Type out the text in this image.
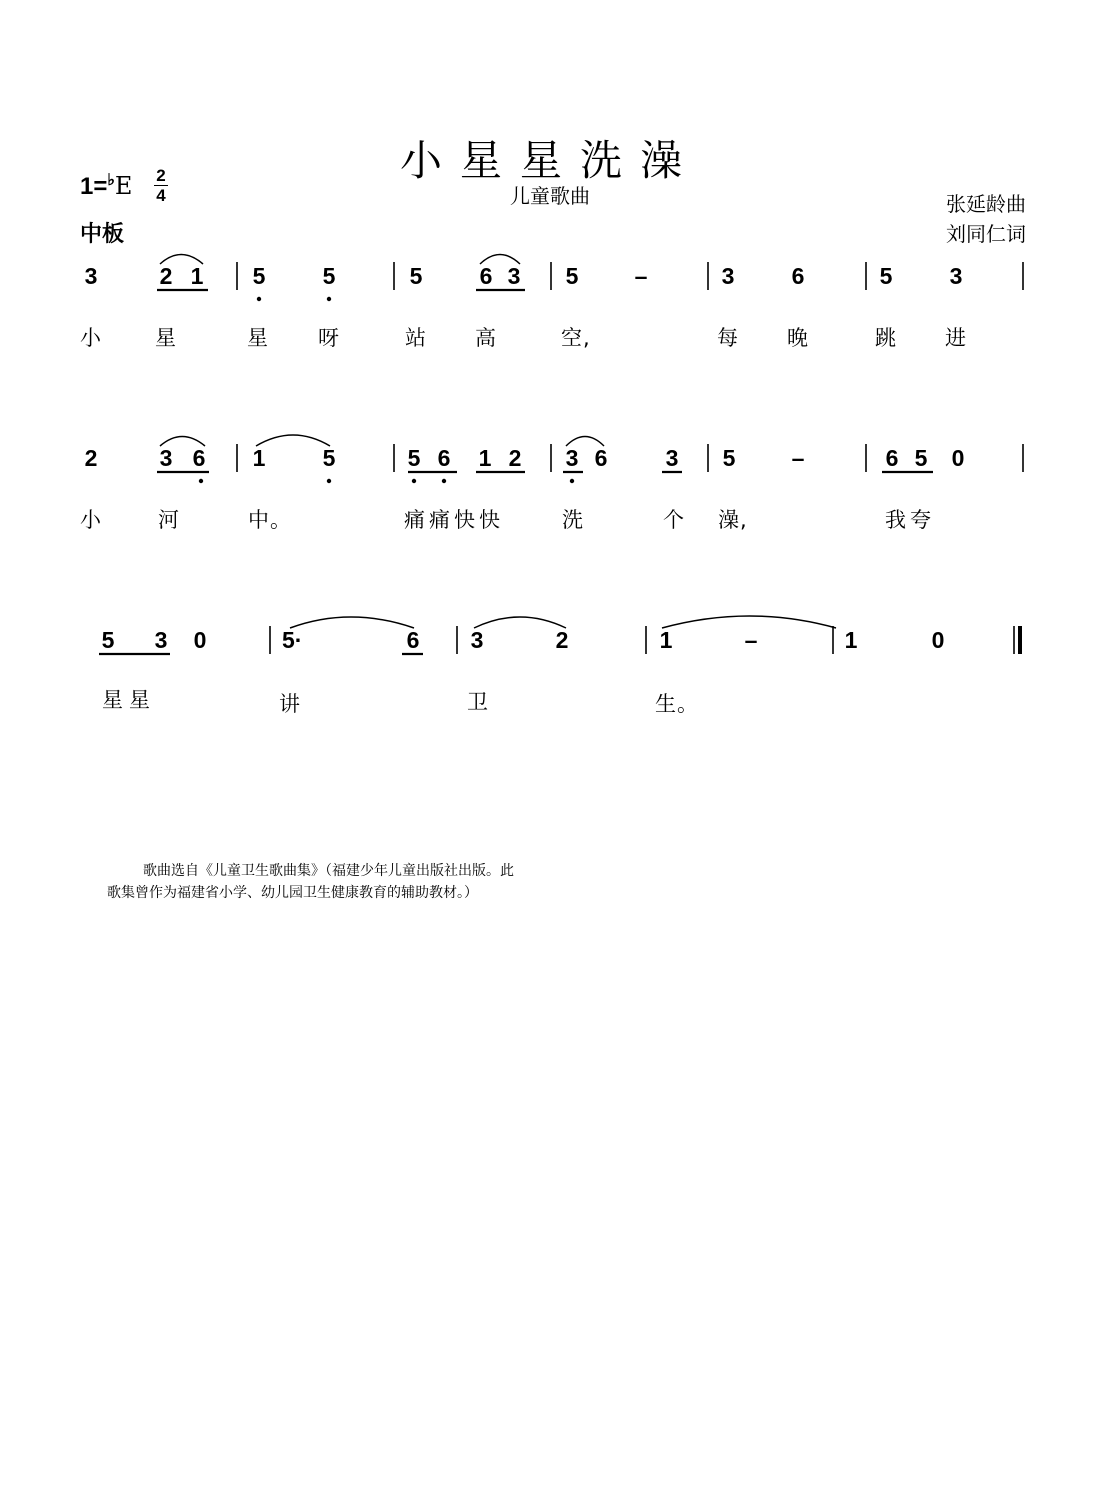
小星星洗澡
儿童歌曲
1=♭E 2
4
中板
张延龄曲
刘同仁词
3	2 1 5 5	5 6 3 5 –	3 6	5 3
小	星	星 呀	站 高	空,	每 晚	跳 进
2	3 6 1 5	5 6 1 2 3 6	3 5 –	6 5 0
小	河	中。	痛痛快快	洗	个 澡,	我夸
5 3 0	5·	6 3	2	1	–	1	0
星星	讲	卫	生。
歌曲选自《儿童卫生歌曲集》（福建少年儿童出版社出版。此歌集曾作为福建省小学、幼儿园卫生健康教育的辅助教材。）
